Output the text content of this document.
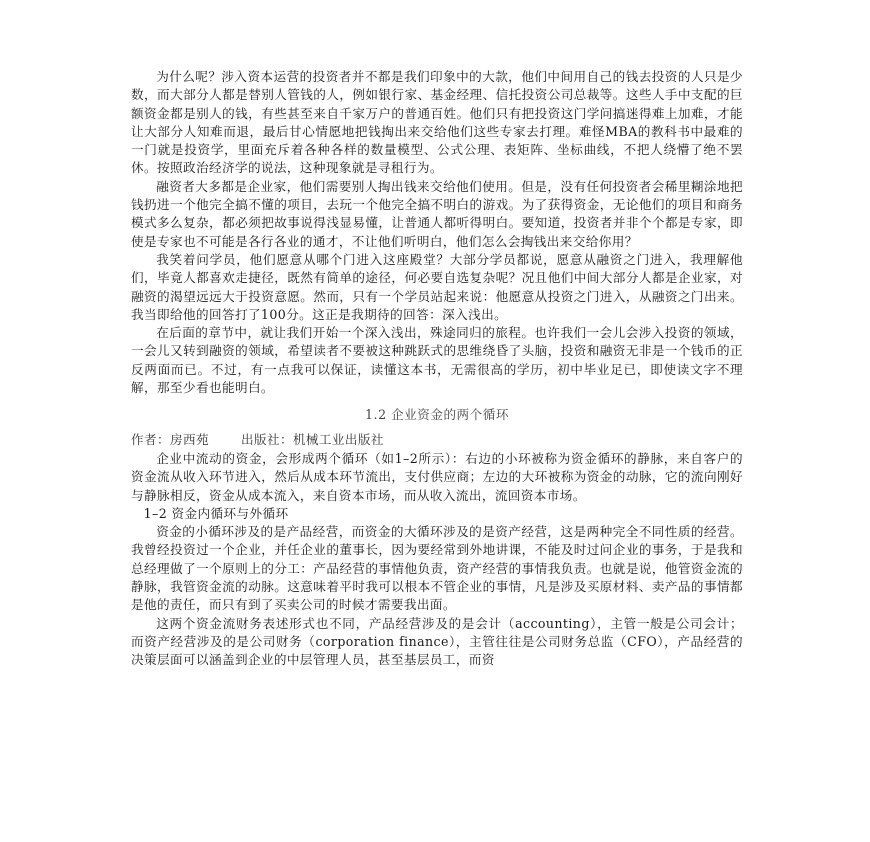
为什么呢？涉入资本运营的投资者并不都是我们印象中的大款，他们中间用自己的钱去投资的人只是少数，而大部分人都是替别人管钱的人，例如银行家、基金经理、信托投资公司总裁等。这些人手中支配的巨额资金都是别人的钱，有些甚至来自千家万户的普通百姓。他们只有把投资这门学问搞迷得难上加难，才能让大部分人知难而退，最后甘心情愿地把钱掏出来交给他们这些专家去打理。难怪MBA的教科书中最难的一门就是投资学，里面充斥着各种各样的数量模型、公式公理、表矩阵、坐标曲线，不把人绕懵了绝不罢休。按照政治经济学的说法，这种现象就是寻租行为。

融资者大多都是企业家，他们需要别人掏出钱来交给他们使用。但是，没有任何投资者会稀里糊涂地把钱扔进一个他完全搞不懂的项目，去玩一个他完全搞不明白的游戏。为了获得资金，无论他们的项目和商务模式多么复杂，都必须把故事说得浅显易懂，让普通人都听得明白。要知道，投资者并非个个都是专家，即使是专家也不可能是各行各业的通才，不让他们听明白，他们怎么会掏钱出来交给你用？

我笑着问学员，他们愿意从哪个门进入这座殿堂？大部分学员都说，愿意从融资之门进入，我理解他们，毕竟人都喜欢走捷径，既然有简单的途径，何必要自选复杂呢？况且他们中间大部分人都是企业家，对融资的渴望远远大于投资意愿。然而，只有一个学员站起来说：他愿意从投资之门进入，从融资之门出来。我当即给他的回答打了100分。这正是我期待的回答：深入浅出。

在后面的章节中，就让我们开始一个深入浅出，殊途同归的旅程。也许我们一会儿会涉入投资的领域，一会儿又转到融资的领域，希望读者不要被这种跳跃式的思维绕昏了头脑，投资和融资无非是一个钱币的正反两面而已。不过，有一点我可以保证，读懂这本书，无需很高的学历，初中毕业足已，即使读文字不理解，那至少看也能明白。

1.2 企业资金的两个循环
作者：房西苑	出版社：机械工业出版社

企业中流动的资金，会形成两个循环（如1–2所示）：右边的小环被称为资金循环的静脉，来自客户的资金流从收入环节进入，然后从成本环节流出，支付供应商；左边的大环被称为资金的动脉，它的流向刚好与静脉相反，资金从成本流入，来自资本市场，而从收入流出，流回资本市场。

1–2 资金内循环与外循环

资金的小循环涉及的是产品经营，而资金的大循环涉及的是资产经营，这是两种完全不同性质的经营。我曾经投资过一个企业，并任企业的董事长，因为要经常到外地讲课，不能及时过问企业的事务，于是我和总经理做了一个原则上的分工：产品经营的事情他负责，资产经营的事情我负责。也就是说，他管资金流的静脉，我管资金流的动脉。这意味着平时我可以根本不管企业的事情，凡是涉及买原材料、卖产品的事情都是他的责任，而只有到了买卖公司的时候才需要我出面。

这两个资金流财务表述形式也不同，产品经营涉及的是会计（accounting），主管一般是公司会计；而资产经营涉及的是公司财务（corporation finance），主管往往是公司财务总监（CFO），产品经营的决策层面可以涵盖到企业的中层管理人员，甚至基层员工，而资
